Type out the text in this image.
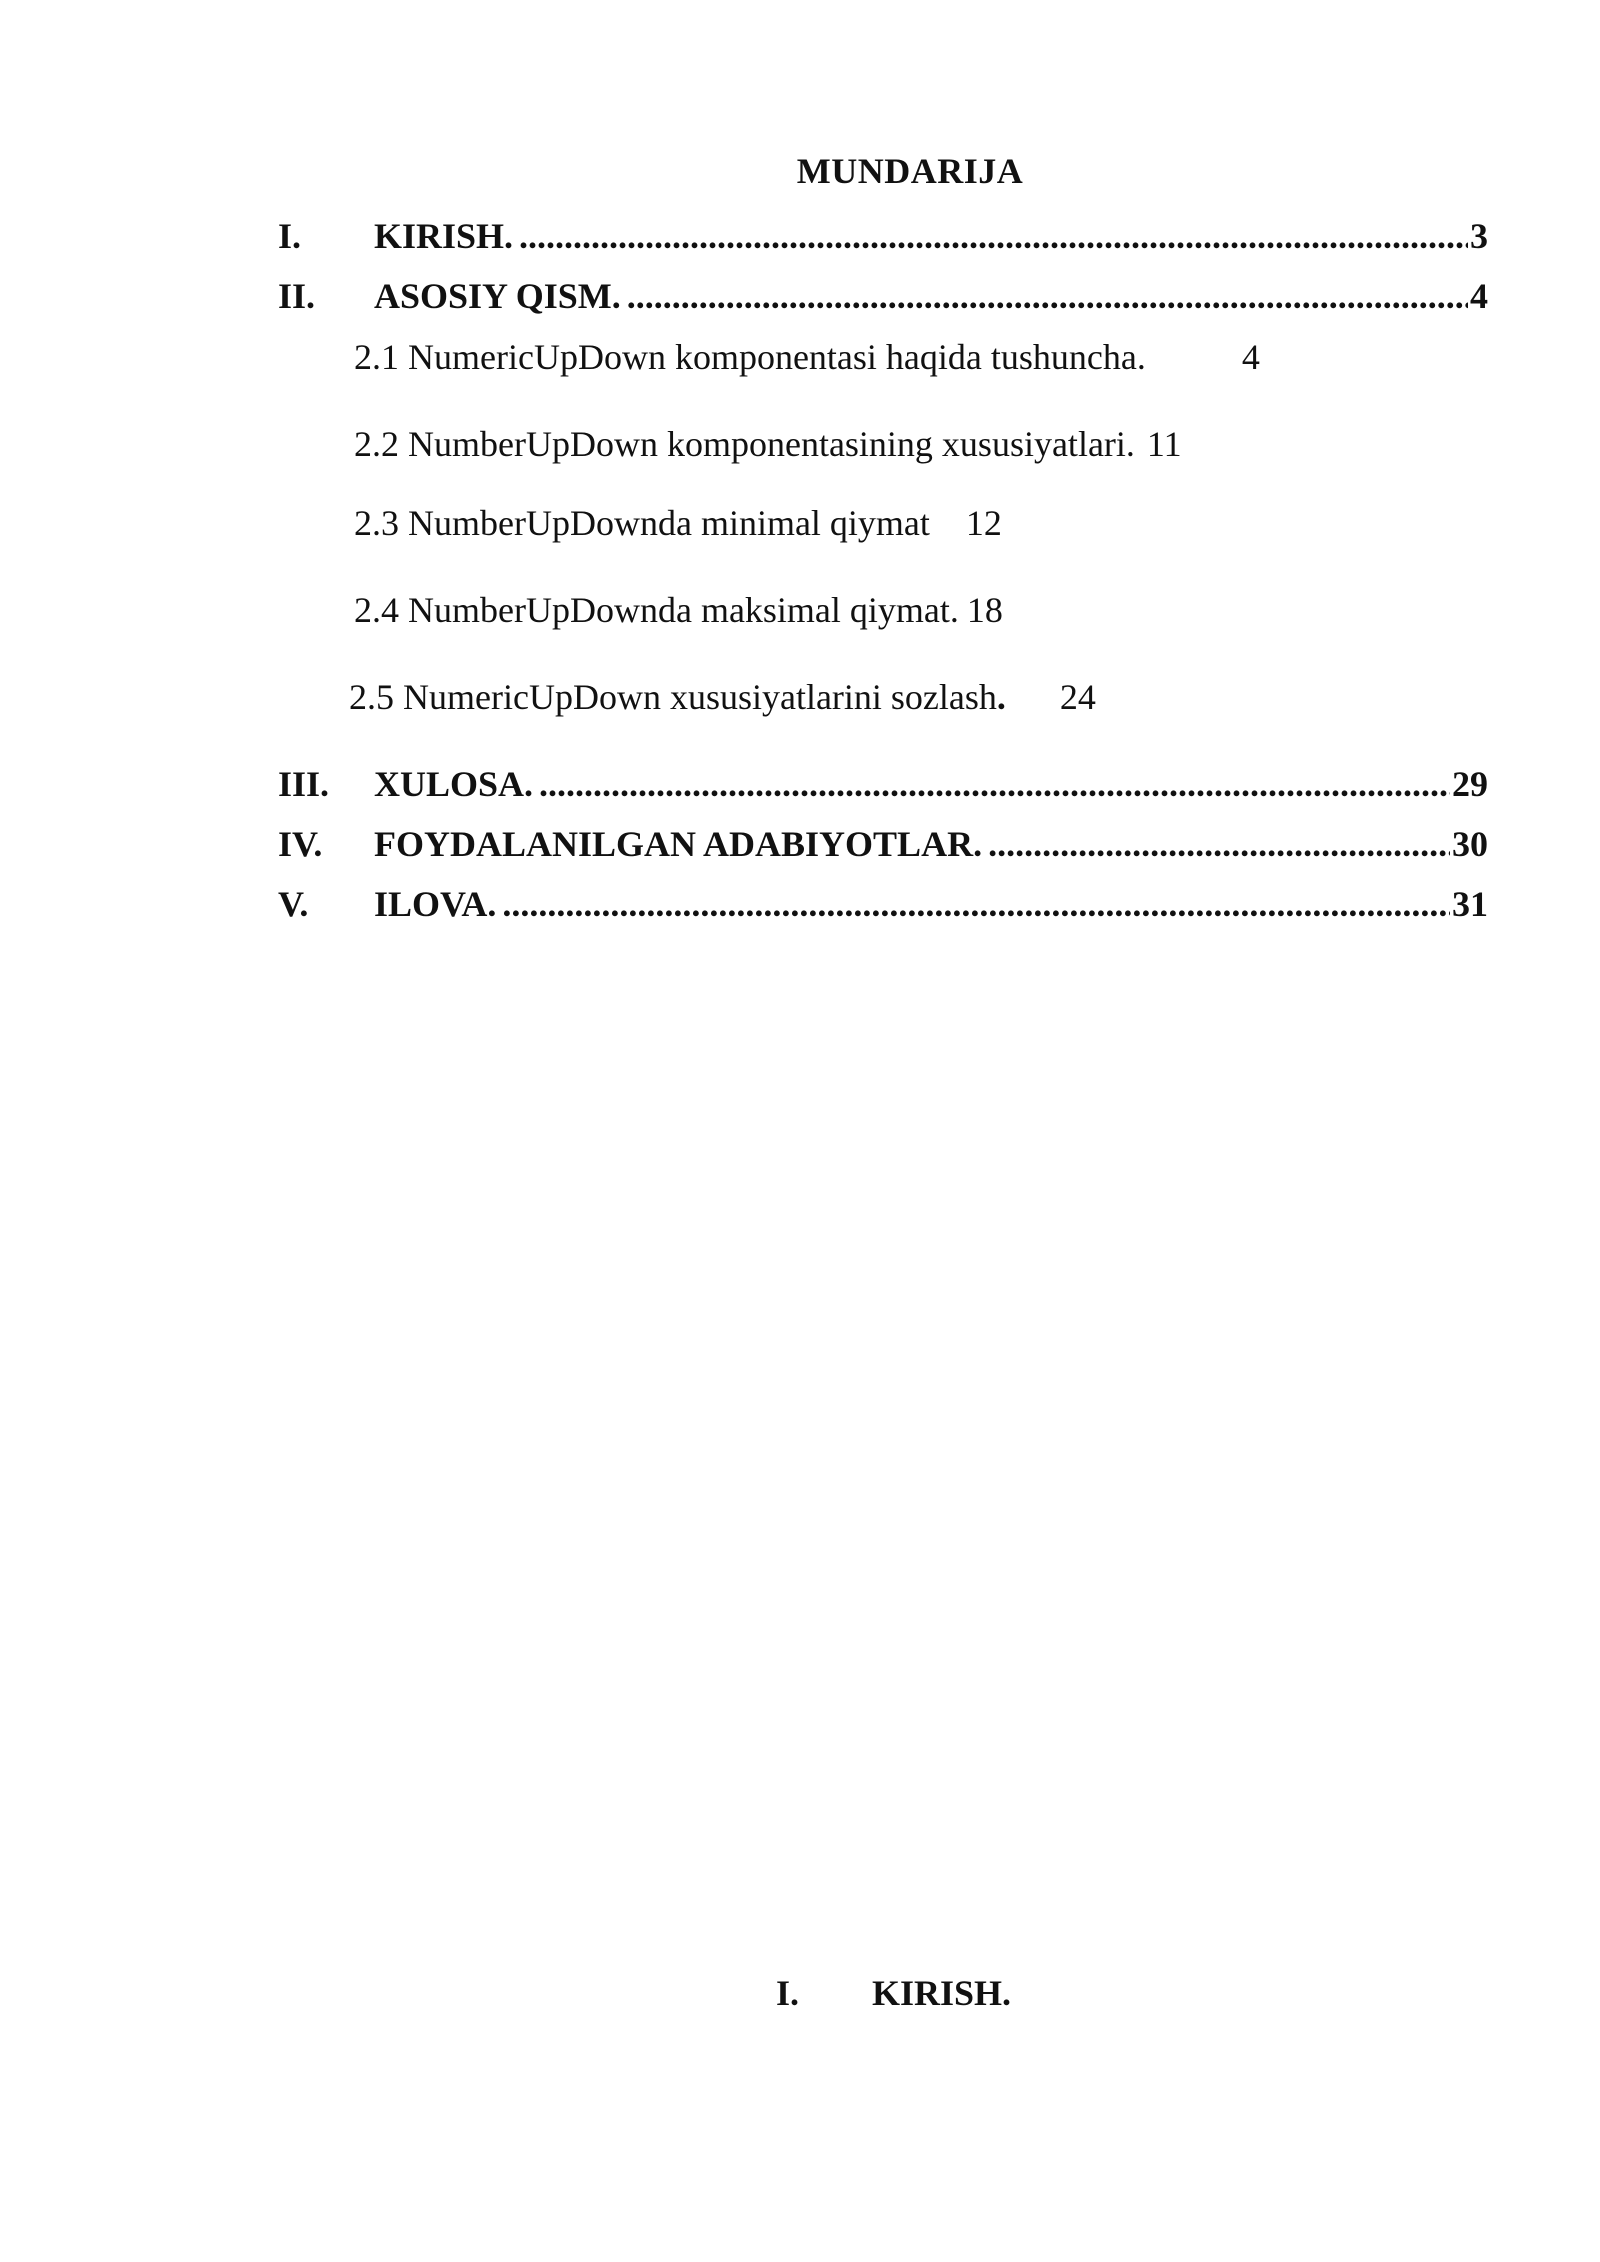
MUNDARIJA
I.	KIRISH. .....	3
II.	ASOSIY QISM. .....	4
2.1 NumericUpDown komponentasi haqida tushuncha.	4
2.2 NumberUpDown komponentasining xususiyatlari. 11
2.3 NumberUpDownda minimal qiymat 12
2.4 NumberUpDownda maksimal qiymat. 18
2.5 NumericUpDown xususiyatlarini sozlash . 24
III.	XULOSA. .....	29
IV.	FOYDALANILGAN ADABIYOTLAR. .....	30
V.	ILOVA. .....	31
I.	KIRISH.
